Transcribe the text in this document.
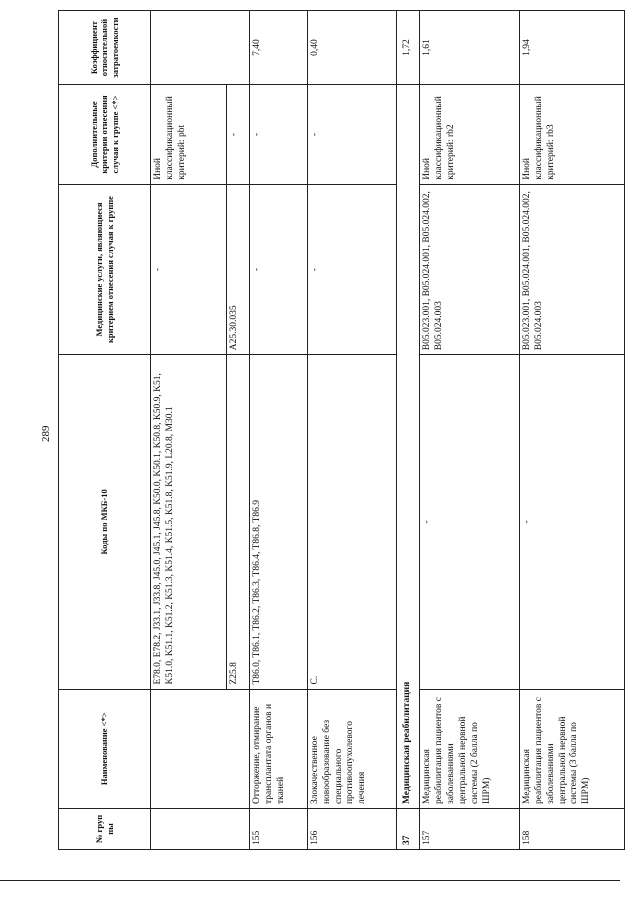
289
№ груп пы	Наименование <*>	Коды по МКБ-10	Медицинские услуги, являющиеся критерием отнесения случая к группе	Дополнительные критерии отнесения случая к группе <*>	Коэффициент относительной затратоемкости
		E78.0, E78.2, J33.1, J33.8, J45.0, J45.1, J45.8, K50.0, K50.1, K50.8, K50.9, K51, K51.0, K51.1, K51.2, K51.3, K51.4, K51.5, K51.8, K51.9, L20.8, M30.1	-	Иной классификационный критерий: pbt	
		Z25.8	A25.30.035	-	
155	Отторжение, отмирание трансплантата органов и тканей	T86.0, T86.1, T86.2, T86.3, T86.4, T86.8, T86.9	-	-	7,40
156	Злокачественное новообразование без специального противоопухолевого лечения	C.	-	-	0,40
37	Медицинская реабилитация				1,72
157	Медицинская реабилитация пациентов с заболеваниями центральной нервной системы (2 балла по ШРМ)	-	B05.023.001, B05.024.001, B05.024.002, B05.024.003	Иной классификационный критерий: rb2	1,61
158	Медицинская реабилитация пациентов с заболеваниями центральной нервной системы (3 балла по ШРМ)	-	B05.023.001, B05.024.001, B05.024.002, B05.024.003	Иной классификационный критерий: rb3	1,94
